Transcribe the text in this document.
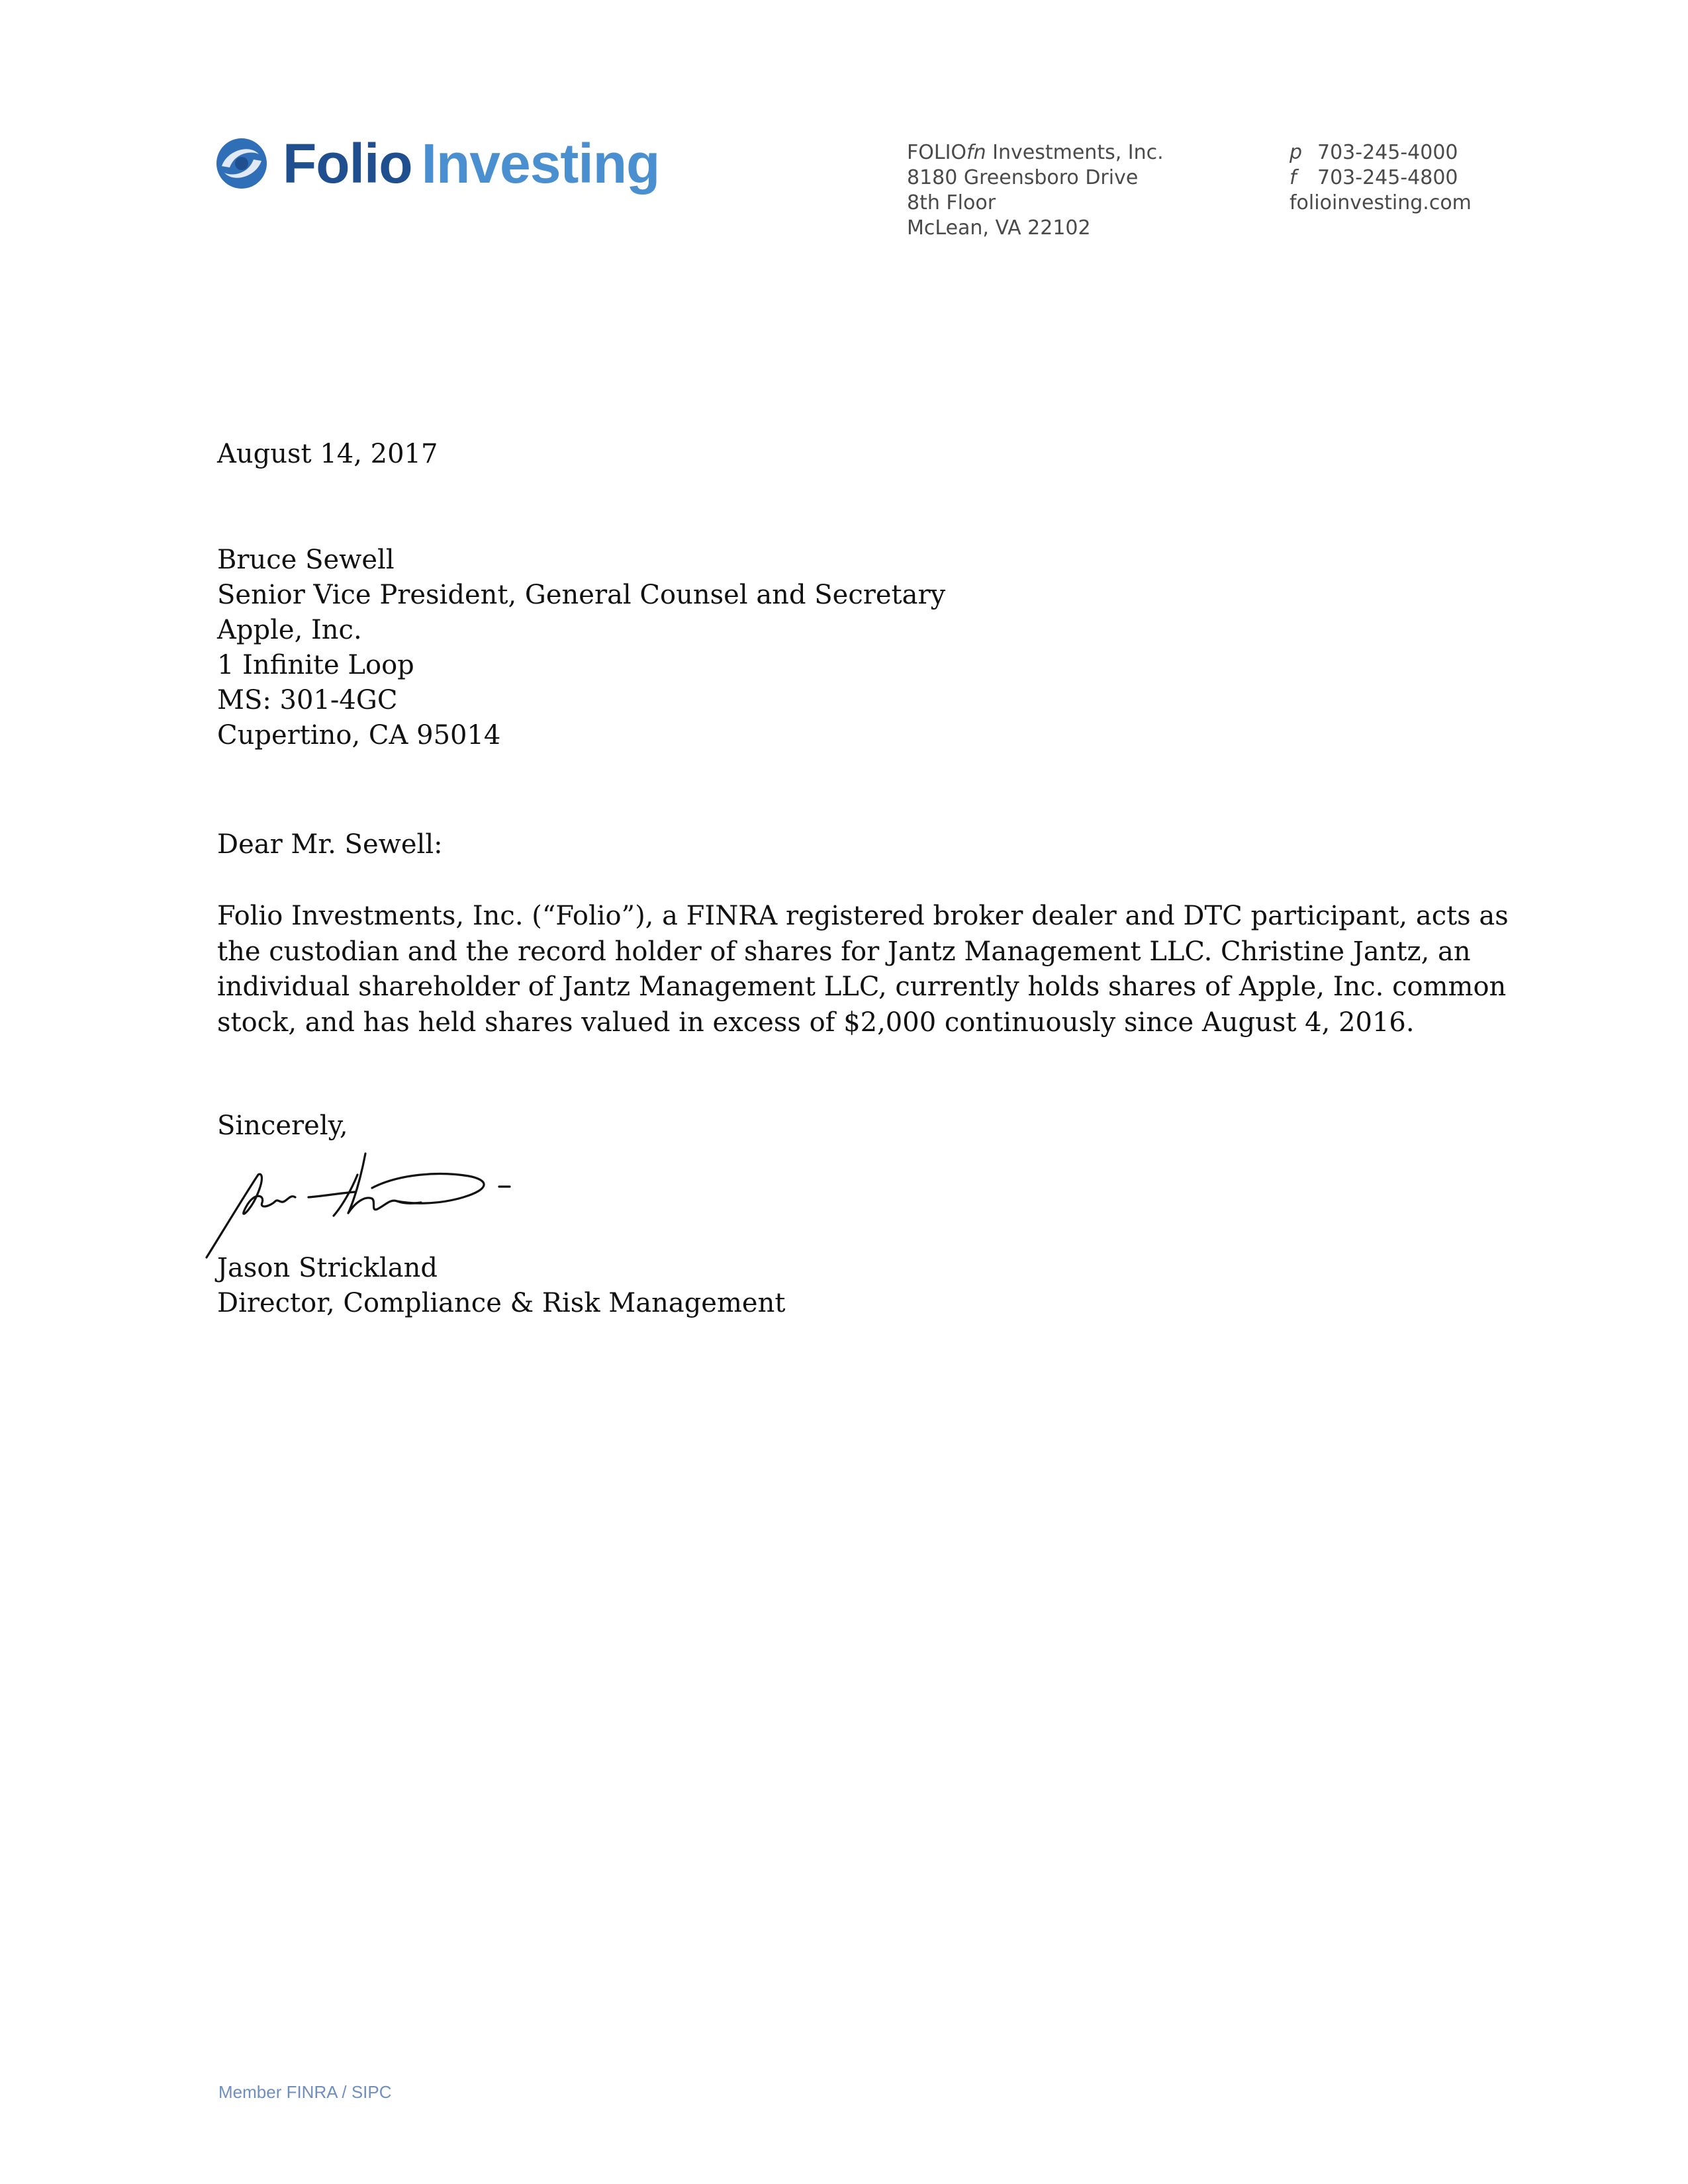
Folio Investing	FOLIOfn Investments, Inc.
8180 Greensboro Drive
8th Floor
McLean, VA 22102
p 703-245-4000
f 703-245-4800
folioinvesting.com
August 14, 2017
Bruce Sewell
Senior Vice President, General Counsel and Secretary
Apple, Inc.
1 Infinite Loop
MS: 301-4GC
Cupertino, CA 95014
Dear Mr. Sewell:
Folio Investments, Inc. (“Folio”), a FINRA registered broker dealer and DTC participant, acts as
the custodian and the record holder of shares for Jantz Management LLC. Christine Jantz, an
individual shareholder of Jantz Management LLC, currently holds shares of Apple, Inc. common
stock, and has held shares valued in excess of $2,000 continuously since August 4, 2016.
Sincerely,
Jason Strickland
Director, Compliance & Risk Management
Member FINRA / SIPC
